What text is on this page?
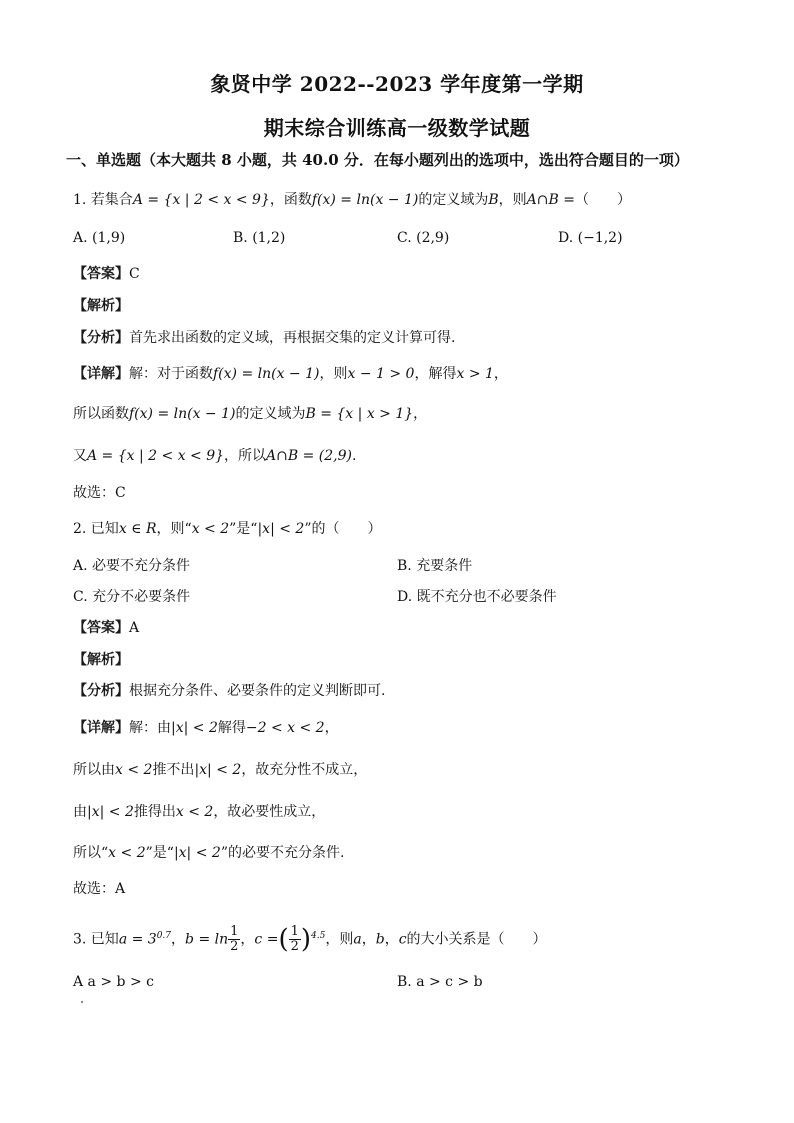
象贤中学 2022--2023 学年度第一学期
期末综合训练高一级数学试题
一、单选题（本大题共 8 小题，共 40.0 分．在每小题列出的选项中，选出符合题目的一项）
1. 若集合A = {x | 2 < x < 9}，函数f(x) = ln(x − 1)的定义域为B，则A∩B =（　　）
A. (1,9)	B. (1,2)	C. (2,9)	D. (−1,2)
【答案】C
【解析】
【分析】首先求出函数的定义域，再根据交集的定义计算可得.
【详解】解：对于函数f(x) = ln(x − 1)，则x − 1 > 0，解得x > 1，
所以函数f(x) = ln(x − 1)的定义域为B = {x | x > 1}，
又A = {x | 2 < x < 9}，所以A∩B = (2,9).
故选：C
2. 已知x ∈ R，则“x < 2”是“|x| < 2”的（　　）
A. 必要不充分条件	B. 充要条件
C. 充分不必要条件	D. 既不充分也不必要条件
【答案】A
【解析】
【分析】根据充分条件、必要条件的定义判断即可.
【详解】解：由|x| < 2解得−2 < x < 2，
所以由x < 2推不出|x| < 2，故充分性不成立，
由|x| < 2推得出x < 2，故必要性成立，
所以“x < 2”是“|x| < 2”的必要不充分条件.
故选：A
3. 已知$a = 3^{0.7}$，$b = \ln \frac{1}{2}$ ，c =( $\frac{1}{2} )^{4.5}$，则a，b，c的大小关系是（　　）
A a > b > c	B. a > c > b
